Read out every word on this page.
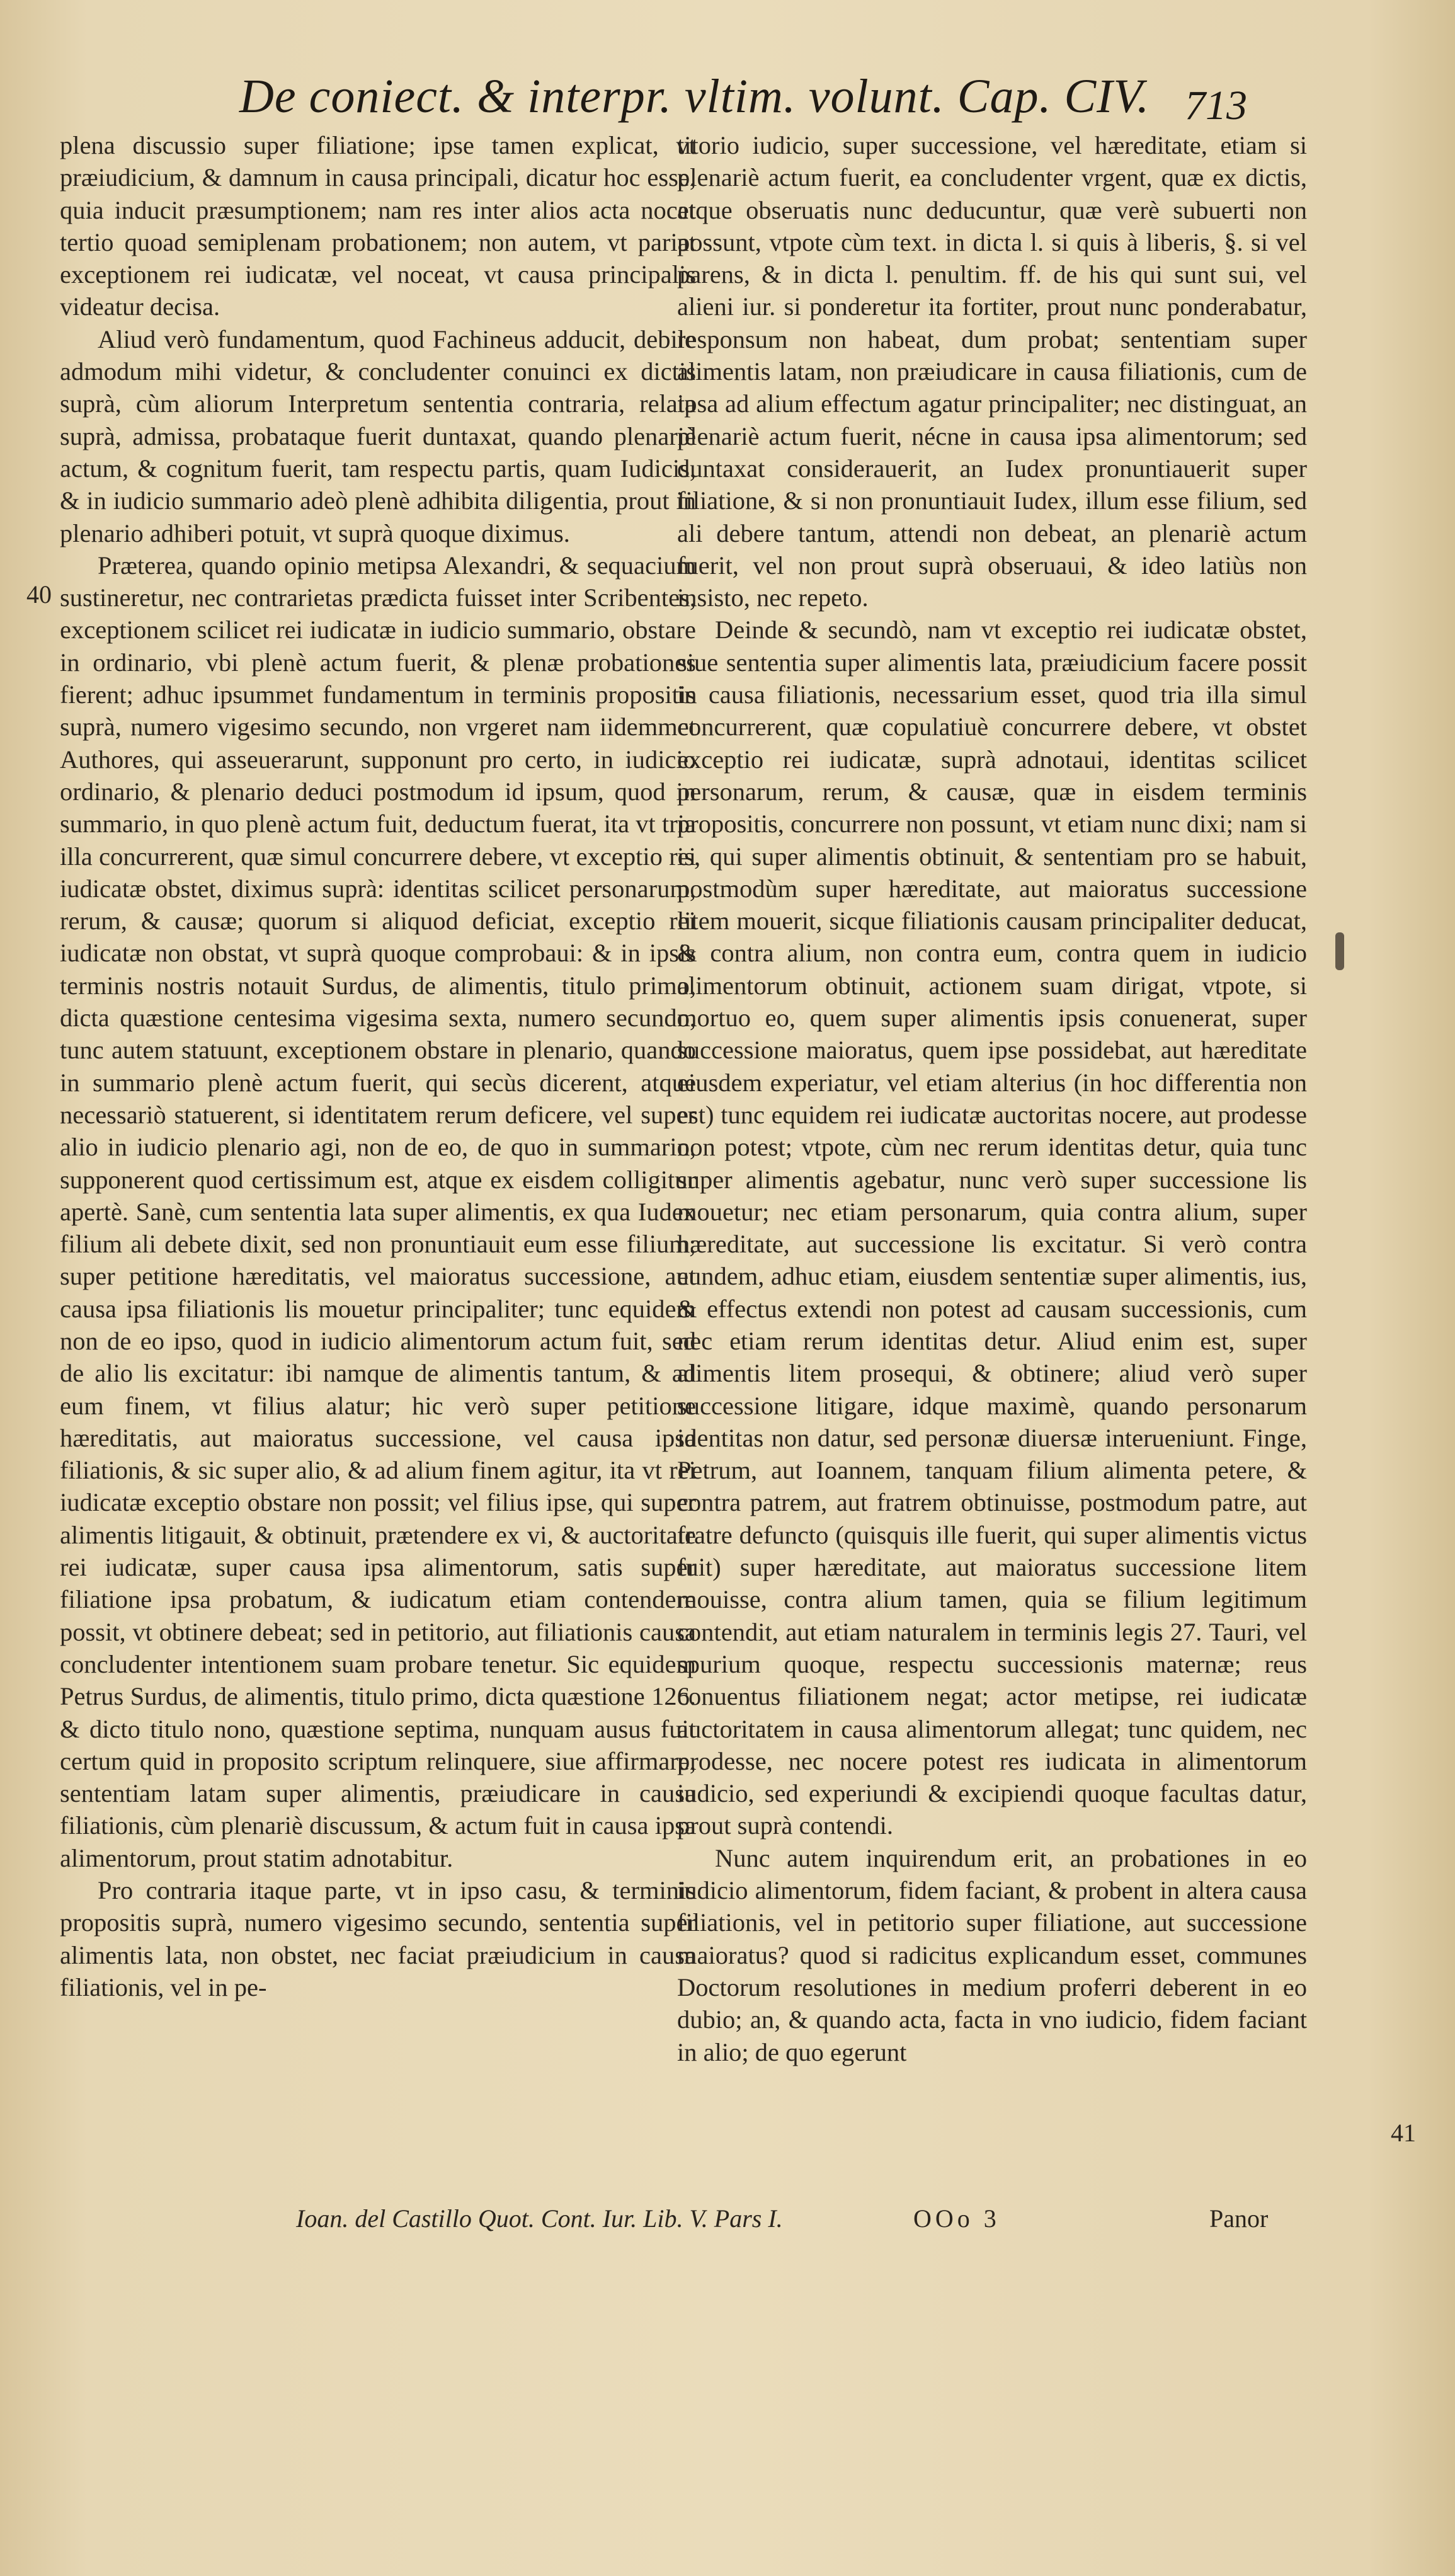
De coniect. & interpr. vltim. volunt. Cap. CIV. 713

plena discussio super filiatione; ipse tamen explicat, vt præiudicium, & damnum in causa principali, dicatur hoc esse, quia inducit præsumptionem; nam res inter alios acta nocet tertio quoad semiplenam probationem; non autem, vt pariat exceptionem rei iudicatæ, vel noceat, vt causa principalis videatur decisa.

Aliud verò fundamentum, quod Fachineus adducit, debile admodum mihi videtur, & concludenter conuinci ex dictis suprà, cùm aliorum Interpretum sententia contraria, relata suprà, admissa, probataque fuerit duntaxat, quando plenariè actum, & cognitum fuerit, tam respectu partis, quam Iudicis, & in iudicio summario adeò plenè adhibita diligentia, prout in plenario adhiberi potuit, vt suprà quoque diximus.

Præterea, quando opinio metipsa Alexandri, & sequacium sustineretur, nec contrarietas prædicta fuisset inter Scribentes, exceptionem scilicet rei iudicatæ in iudicio summario, obstare in ordinario, vbi plenè actum fuerit, & plenæ probationes fierent; adhuc ipsummet fundamentum in terminis propositis suprà, numero vigesimo secundo, non vrgeret nam iidemmet Authores, qui asseuerarunt, supponunt pro certo, in iudicio ordinario, & plenario deduci postmodum id ipsum, quod in summario, in quo plenè actum fuit, deductum fuerat, ita vt tria illa concurrerent, quæ simul concurrere debere, vt exceptio rei iudicatæ obstet, diximus suprà: identitas scilicet personarum, rerum, & causæ; quorum si aliquod deficiat, exceptio rei iudicatæ non obstat, vt suprà quoque comprobaui: & in ipsis terminis nostris notauit Surdus, de alimentis, titulo primo, dicta quæstione centesima vigesima sexta, numero secundo, tunc autem statuunt, exceptionem obstare in plenario, quando in summario plenè actum fuerit, qui secùs dicerent, atque necessariò statuerent, si identitatem rerum deficere, vel super alio in iudicio plenario agi, non de eo, de quo in summario, supponerent quod certissimum est, atque ex eisdem colligitur apertè. Sanè, cum sententia lata super alimentis, ex qua Iudex filium ali debete dixit, sed non pronuntiauit eum esse filium; super petitione hæreditatis, vel maioratus successione, aut causa ipsa filiationis lis mouetur principaliter; tunc equidem non de eo ipso, quod in iudicio alimentorum actum fuit, sed de alio lis excitatur: ibi namque de alimentis tantum, & ad eum finem, vt filius alatur; hic verò super petitione hæreditatis, aut maioratus successione, vel causa ipsa filiationis, & sic super alio, & ad alium finem agitur, ita vt rei iudicatæ exceptio obstare non possit; vel filius ipse, qui super alimentis litigauit, & obtinuit, prætendere ex vi, & auctoritate rei iudicatæ, super causa ipsa alimentorum, satis super filiatione ipsa probatum, & iudicatum etiam contendere possit, vt obtinere debeat; sed in petitorio, aut filiationis causa concludenter intentionem suam probare tenetur. Sic equidem Petrus Surdus, de alimentis, titulo primo, dicta quæstione 126. & dicto titulo nono, quæstione septima, nunquam ausus fuit certum quid in proposito scriptum relinquere, siue affirmare, sententiam latam super alimentis, præiudicare in causa filiationis, cùm plenariè discussum, & actum fuit in causa ipsa alimentorum, prout statim adnotabitur.

Pro contraria itaque parte, vt in ipso casu, & terminis propositis suprà, numero vigesimo secundo, sententia super alimentis lata, non obstet, nec faciat præiudicium in causa filiationis, vel in pe-

titorio iudicio, super successione, vel hæreditate, etiam si plenariè actum fuerit, ea concludenter vrgent, quæ ex dictis, atque obseruatis nunc deducuntur, quæ verè subuerti non possunt, vtpote cùm text. in dicta l. si quis à liberis, §. si vel parens, & in dicta l. penultim. ff. de his qui sunt sui, vel alieni iur. si ponderetur ita fortiter, prout nunc ponderabatur, responsum non habeat, dum probat; sententiam super alimentis latam, non præiudicare in causa filiationis, cum de ipsa ad alium effectum agatur principaliter; nec distinguat, an plenariè actum fuerit, nécne in causa ipsa alimentorum; sed duntaxat considerauerit, an Iudex pronuntiauerit super filiatione, & si non pronuntiauit Iudex, illum esse filium, sed ali debere tantum, attendi non debeat, an plenariè actum fuerit, vel non prout suprà obseruaui, & ideo latiùs non insisto, nec repeto.

Deinde & secundò, nam vt exceptio rei iudicatæ obstet, siue sententia super alimentis lata, præiudicium facere possit in causa filiationis, necessarium esset, quod tria illa simul concurrerent, quæ copulatiuè concurrere debere, vt obstet exceptio rei iudicatæ, suprà adnotaui, identitas scilicet personarum, rerum, & causæ, quæ in eisdem terminis propositis, concurrere non possunt, vt etiam nunc dixi; nam si is, qui super alimentis obtinuit, & sententiam pro se habuit, postmodùm super hæreditate, aut maioratus successione litem mouerit, sicque filiationis causam principaliter deducat, & contra alium, non contra eum, contra quem in iudicio alimentorum obtinuit, actionem suam dirigat, vtpote, si mortuo eo, quem super alimentis ipsis conuenerat, super successione maioratus, quem ipse possidebat, aut hæreditate eiusdem experiatur, vel etiam alterius (in hoc differentia non est) tunc equidem rei iudicatæ auctoritas nocere, aut prodesse non potest; vtpote, cùm nec rerum identitas detur, quia tunc super alimentis agebatur, nunc verò super successione lis mouetur; nec etiam personarum, quia contra alium, super hæreditate, aut successione lis excitatur. Si verò contra eundem, adhuc etiam, eiusdem sententiæ super alimentis, ius, & effectus extendi non potest ad causam successionis, cum nec etiam rerum identitas detur. Aliud enim est, super alimentis litem prosequi, & obtinere; aliud verò super successione litigare, idque maximè, quando personarum identitas non datur, sed personæ diuersæ interueniunt. Finge, Petrum, aut Ioannem, tanquam filium alimenta petere, & contra patrem, aut fratrem obtinuisse, postmodum patre, aut fratre defuncto (quisquis ille fuerit, qui super alimentis victus fuit) super hæreditate, aut maioratus successione litem mouisse, contra alium tamen, quia se filium legitimum contendit, aut etiam naturalem in terminis legis 27. Tauri, vel spurium quoque, respectu successionis maternæ; reus conuentus filiationem negat; actor metipse, rei iudicatæ auctoritatem in causa alimentorum allegat; tunc quidem, nec prodesse, nec nocere potest res iudicata in alimentorum iudicio, sed experiundi & excipiendi quoque facultas datur, prout suprà contendi.

Nunc autem inquirendum erit, an probationes in eo iudicio alimentorum, fidem faciant, & probent in altera causa filiationis, vel in petitorio super filiatione, aut successione maioratus? quod si radicitus explicandum esset, communes Doctorum resolutiones in medium proferri deberent in eo dubio; an, & quando acta, facta in vno iudicio, fidem faciant in alio; de quo egerunt

40
41
Ioan. del Castillo Quot. Cont. Iur. Lib. V. Pars I.	OOo 3	Panor
